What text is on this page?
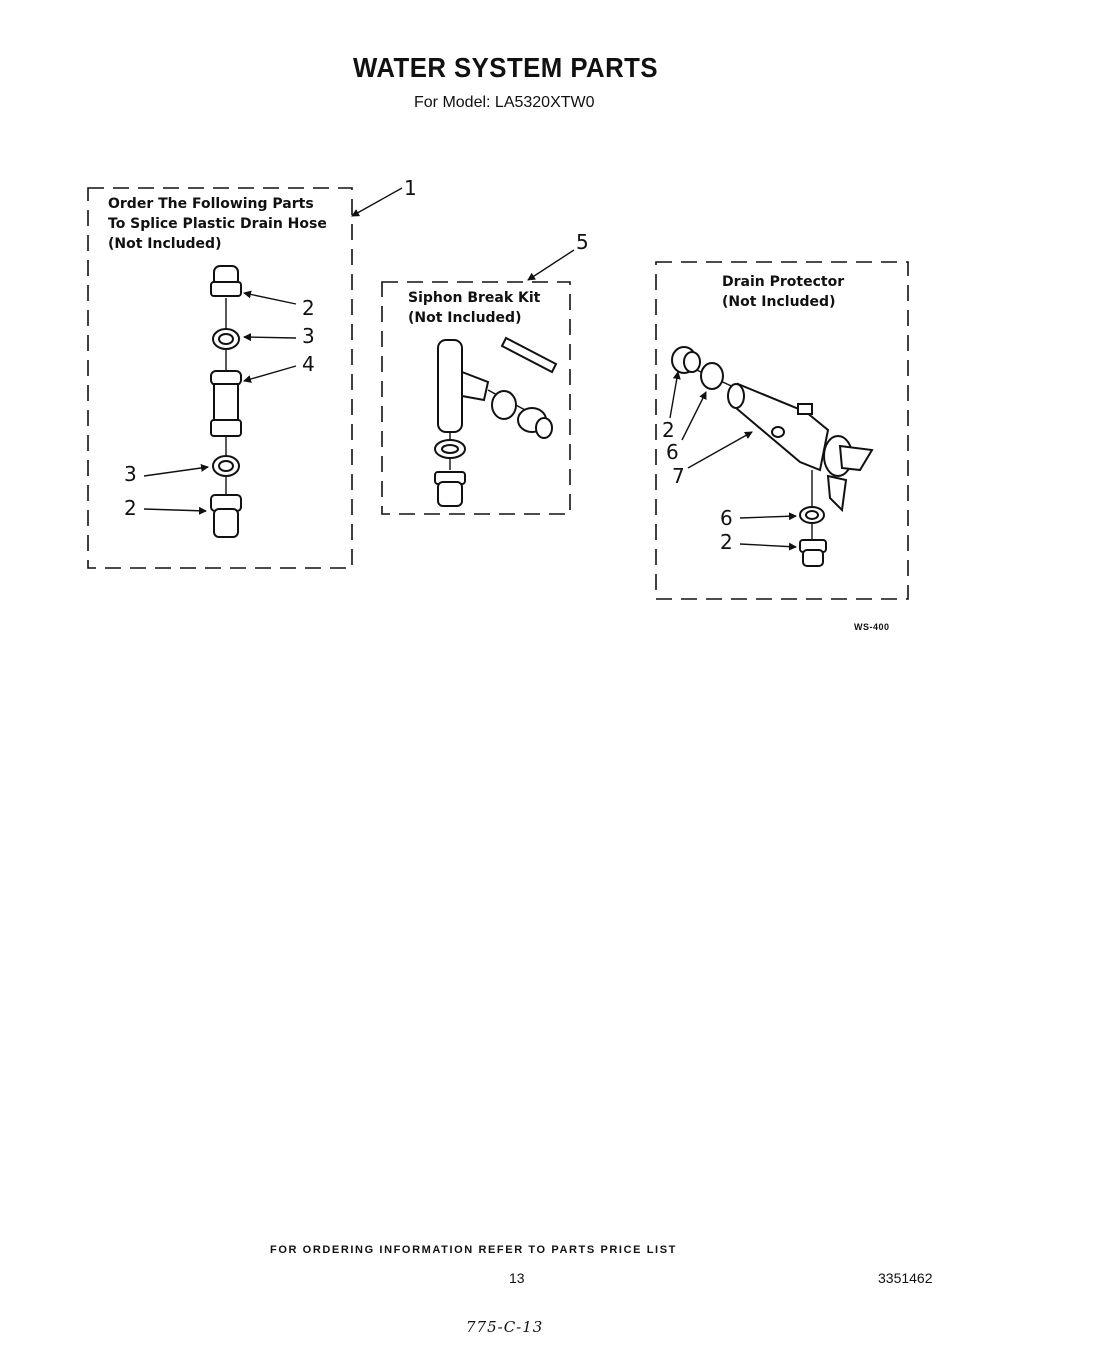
WATER SYSTEM PARTS
For Model: LA5320XTW0
Order The Following Parts
To Splice Plastic Drain Hose
(Not Included)
Siphon Break Kit
(Not Included)
Drain Protector
(Not Included)
1
5
2
3
4
3
2
2
6
7
6
2
WS-400
FOR ORDERING INFORMATION REFER TO PARTS PRICE LIST
13	3351462
775-C-13
